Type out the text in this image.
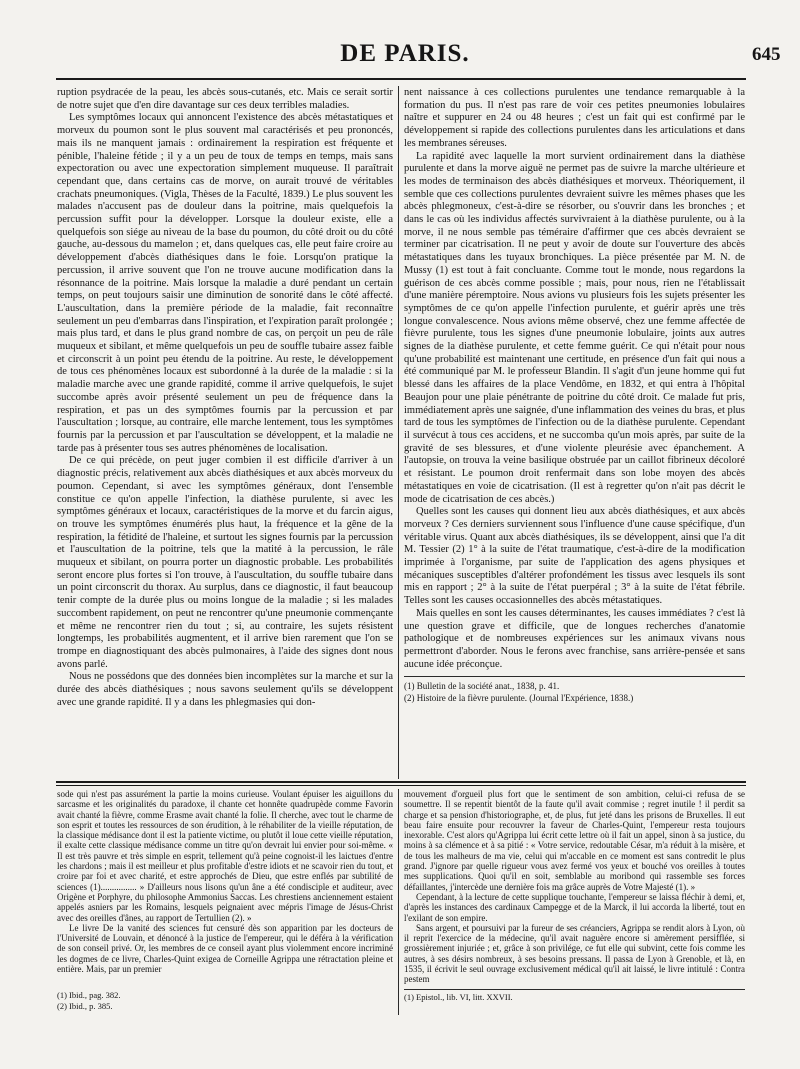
DE PARIS.	645

ruption psydracée de la peau, les abcès sous-cutanés, etc. Mais ce serait sortir de notre sujet que d'en dire davantage sur ces deux terribles maladies.

Les symptômes locaux qui annoncent l'existence des abcès métastatiques et morveux du poumon sont le plus souvent mal caractérisés et peu prononcés, mais ils ne manquent jamais : ordinairement la respiration est fréquente et pénible, l'haleine fétide ; il y a un peu de toux de temps en temps, mais sans expectoration ou avec une expectoration simplement muqueuse. Il paraîtrait cependant que, dans certains cas de morve, on aurait trouvé de véritables crachats pneumoniques. (Vigla, Thèses de la Faculté, 1839.) Le plus souvent les malades n'accusent pas de douleur dans la poitrine, mais quelquefois la percussion suffit pour la développer. Lorsque la douleur existe, elle a quelquefois son siége au niveau de la base du poumon, du côté droit ou du côté gauche, au-dessous du mamelon ; et, dans quelques cas, elle peut faire croire au développement d'abcès diathésiques dans le foie. Lorsqu'on pratique la percussion, il arrive souvent que l'on ne trouve aucune modification dans la résonnance de la poitrine. Mais lorsque la maladie a duré pendant un certain temps, on peut toujours saisir une diminution de sonorité dans le côté affecté. L'auscultation, dans la première période de la maladie, fait reconnaître seulement un peu d'embarras dans l'inspiration, et l'expiration paraît prolongée ; mais plus tard, et dans le plus grand nombre de cas, on perçoit un peu de râle muqueux et sibilant, et même quelquefois un peu de souffle tubaire assez faible et circonscrit à un point peu étendu de la poitrine. Au reste, le développement de tous ces phénomènes locaux est subordonné à la durée de la maladie : si la maladie marche avec une grande rapidité, comme il arrive quelquefois, le sujet succombe après avoir présenté seulement un peu de fréquence dans la respiration, et pas un des symptômes fournis par la percussion et par l'auscultation ; lorsque, au contraire, elle marche lentement, tous les symptômes fournis par la percussion et par l'auscultation se développent, et la maladie ne tarde pas à présenter tous ses autres phénomènes de localisation.

De ce qui précède, on peut juger combien il est difficile d'arriver à un diagnostic précis, relativement aux abcès diathésiques et aux abcès morveux du poumon. Cependant, si avec les symptômes généraux, dont l'ensemble constitue ce qu'on appelle l'infection, la diathèse purulente, si avec les symptômes généraux et locaux, caractéristiques de la morve et du farcin aigus, on trouve les symptômes énumérés plus haut, la fréquence et la gêne de la respiration, la fétidité de l'haleine, et surtout les signes fournis par la percussion et l'auscultation de la poitrine, tels que la matité à la percussion, le râle muqueux et sibilant, on pourra porter un diagnostic probable. Les probabilités seront encore plus fortes si l'on trouve, à l'auscultation, du souffle tubaire dans un point circonscrit du thorax. Au surplus, dans ce diagnostic, il faut beaucoup tenir compte de la durée plus ou moins longue de la maladie ; si les malades succombent rapidement, on peut ne rencontrer qu'une pneumonie commençante et même ne rencontrer rien du tout ; si, au contraire, les sujets résistent longtemps, les probabilités augmentent, et il arrive bien rarement que l'on se trompe en diagnostiquant des abcès pulmonaires, à l'aide des signes dont nous avons parlé.

Nous ne possédons que des données bien incomplètes sur la marche et sur la durée des abcès diathésiques ; nous savons seulement qu'ils se développent avec une grande rapidité. Il y a dans les phlegmasies qui don-

nent naissance à ces collections purulentes une tendance remarquable à la formation du pus. Il n'est pas rare de voir ces petites pneumonies lobulaires naître et suppurer en 24 ou 48 heures ; c'est un fait qui est confirmé par le développement si rapide des collections purulentes dans les articulations et dans les membranes séreuses.

La rapidité avec laquelle la mort survient ordinairement dans la diathèse purulente et dans la morve aiguë ne permet pas de suivre la marche ultérieure et les modes de terminaison des abcès diathésiques et morveux. Théoriquement, il semble que ces collections purulentes devraient suivre les mêmes phases que les abcès phlegmoneux, c'est-à-dire se résorber, ou s'ouvrir dans les bronches ; et dans le cas où les individus affectés survivraient à la diathèse purulente, ou à la morve, il ne nous semble pas téméraire d'affirmer que ces abcès devraient se terminer par cicatrisation. Il ne peut y avoir de doute sur l'ouverture des abcès métastatiques dans les tuyaux bronchiques. La pièce présentée par M. N. de Mussy (1) est tout à fait concluante. Comme tout le monde, nous regardons la guérison de ces abcès comme possible ; mais, pour nous, rien ne l'établissait d'une manière péremptoire. Nous avions vu plusieurs fois les sujets présenter les symptômes de ce qu'on appelle l'infection purulente, et guérir après une très longue convalescence. Nous avions même observé, chez une femme affectée de fièvre purulente, tous les signes d'une pneumonie lobulaire, joints aux autres signes de la diathèse purulente, et cette femme guérit. Ce qui n'était pour nous qu'une probabilité est maintenant une certitude, en présence d'un fait qui nous a été communiqué par M. le professeur Blandin. Il s'agit d'un jeune homme qui fut blessé dans les affaires de la place Vendôme, en 1832, et qui entra à l'hôpital Beaujon pour une plaie pénétrante de poitrine du côté droit. Ce malade fut pris, immédiatement après une saignée, d'une inflammation des veines du bras, et plus tard de tous les symptômes de l'infection ou de la diathèse purulente. Cependant il survécut à tous ces accidens, et ne succomba qu'un mois après, par suite de la gravité de ses blessures, et d'une violente pleurésie avec épanchement. A l'autopsie, on trouva la veine basilique obstruée par un caillot fibrineux décoloré et résistant. Le poumon droit renfermait dans son lobe moyen des abcès métastatiques en voie de cicatrisation. (Il est à regretter qu'on n'ait pas décrit le mode de cicatrisation de ces abcès.)

Quelles sont les causes qui donnent lieu aux abcès diathésiques, et aux abcès morveux ? Ces derniers surviennent sous l'influence d'une cause spécifique, d'un véritable virus. Quant aux abcès diathésiques, ils se développent, ainsi que l'a dit M. Tessier (2) 1° à la suite de l'état traumatique, c'est-à-dire de la modification imprimée à l'organisme, par suite de l'application des agens physiques et mécaniques susceptibles d'altérer profondément les tissus avec lesquels ils sont mis en rapport ; 2° à la suite de l'état puerpéral ; 3° à la suite de l'état fébrile. Telles sont les causes occasionnelles des abcès métastatiques.

Mais quelles en sont les causes déterminantes, les causes immédiates ? c'est là une question grave et difficile, que de longues recherches d'anatomie pathologique et de nombreuses expériences sur les animaux vivans nous permettront d'aborder. Nous le ferons avec franchise, sans arrière-pensée et sans aucune idée préconçue.

(1) Bulletin de la société anat., 1838, p. 41.
(2) Histoire de la fièvre purulente. (Journal l'Expérience, 1838.)

sode qui n'est pas assurément la partie la moins curieuse. Voulant épuiser les aiguillons du sarcasme et les originalités du paradoxe, il chante cet honnête quadrupède comme Favorin avait chanté la fièvre, comme Erasme avait chanté la folie. Il cherche, avec tout le charme de son esprit et toutes les ressources de son érudition, à le réhabiliter de la vieille réputation, de la classique médisance dont il est la patiente victime, ou plutôt il loue cette vieille réputation, il exalte cette classique médisance comme un titre qu'on devrait lui envier pour soi-même. « Il est très pauvre et très simple en esprit, tellement qu'à peine cognoist-il les laictues d'entre les chardons ; mais il est meilleur et plus profitable d'estre idiots et ne scavoir rien du tout, et croire par foi et avec charité, et estre approchés de Dieu, que estre enflés par subtilité de sciences (1)................ » D'ailleurs nous lisons qu'un âne a été condisciple et auditeur, avec Origène et Porphyre, du philosophe Ammonius Saccas. Les chrestiens anciennement estaient appelés asniers par les Romains, lesquels peignaient avec mépris l'image de Jésus-Christ avec des oreilles d'ânes, au rapport de Tertullien (2). »

Le livre De la vanité des sciences fut censuré dès son apparition par les docteurs de l'Université de Louvain, et dénoncé à la justice de l'empereur, qui le déféra à la vérification de son conseil privé. Or, les membres de ce conseil ayant plus violemment encore incriminé les dogmes de ce livre, Charles-Quint exigea de Corneille Agrippa une rétractation pleine et entière. Mais, par un premier

(1) Ibid., pag. 382.
(2) Ibid., p. 385.

mouvement d'orgueil plus fort que le sentiment de son ambition, celui-ci refusa de se soumettre. Il se repentit bientôt de la faute qu'il avait commise ; regret inutile ! il perdit sa charge et sa pension d'historiographe, et, de plus, fut jeté dans les prisons de Bruxelles. Il eut beau faire ensuite pour recouvrer la faveur de Charles-Quint, l'empereur resta toujours inexorable. C'est alors qu'Agrippa lui écrit cette lettre où il fait un appel, sinon à sa justice, du moins à sa clémence et à sa pitié : « Votre service, redoutable César, m'a réduit à la misère, et de tous les malheurs de ma vie, celui qui m'accable en ce moment est sans contredit le plus grand. J'ignore par quelle rigueur vous avez fermé vos yeux et bouché vos oreilles à toutes mes supplications. Quoi qu'il en soit, semblable au moribond qui rassemble ses forces défaillantes, j'intercède une dernière fois ma grâce auprès de Votre Majesté (1). »

Cependant, à la lecture de cette supplique touchante, l'empereur se laissa fléchir à demi, et, d'après les instances des cardinaux Campegge et de la Marck, il lui accorda la liberté, tout en l'exilant de son empire.

Sans argent, et poursuivi par la fureur de ses créanciers, Agrippa se rendit alors à Lyon, où il reprit l'exercice de la médecine, qu'il avait naguère encore si amèrement persifflée, si grossièrement injuriée ; et, grâce à son privilége, ce fut elle qui subvint, cette fois comme les autres, à ses désirs nombreux, à ses besoins pressans. Il passa de Lyon à Grenoble, et là, en 1535, il écrivit le seul ouvrage exclusivement médical qu'il ait laissé, le livre intitulé : Contra pestem

(1) Epistol., lib. VI, litt. XXVII.
